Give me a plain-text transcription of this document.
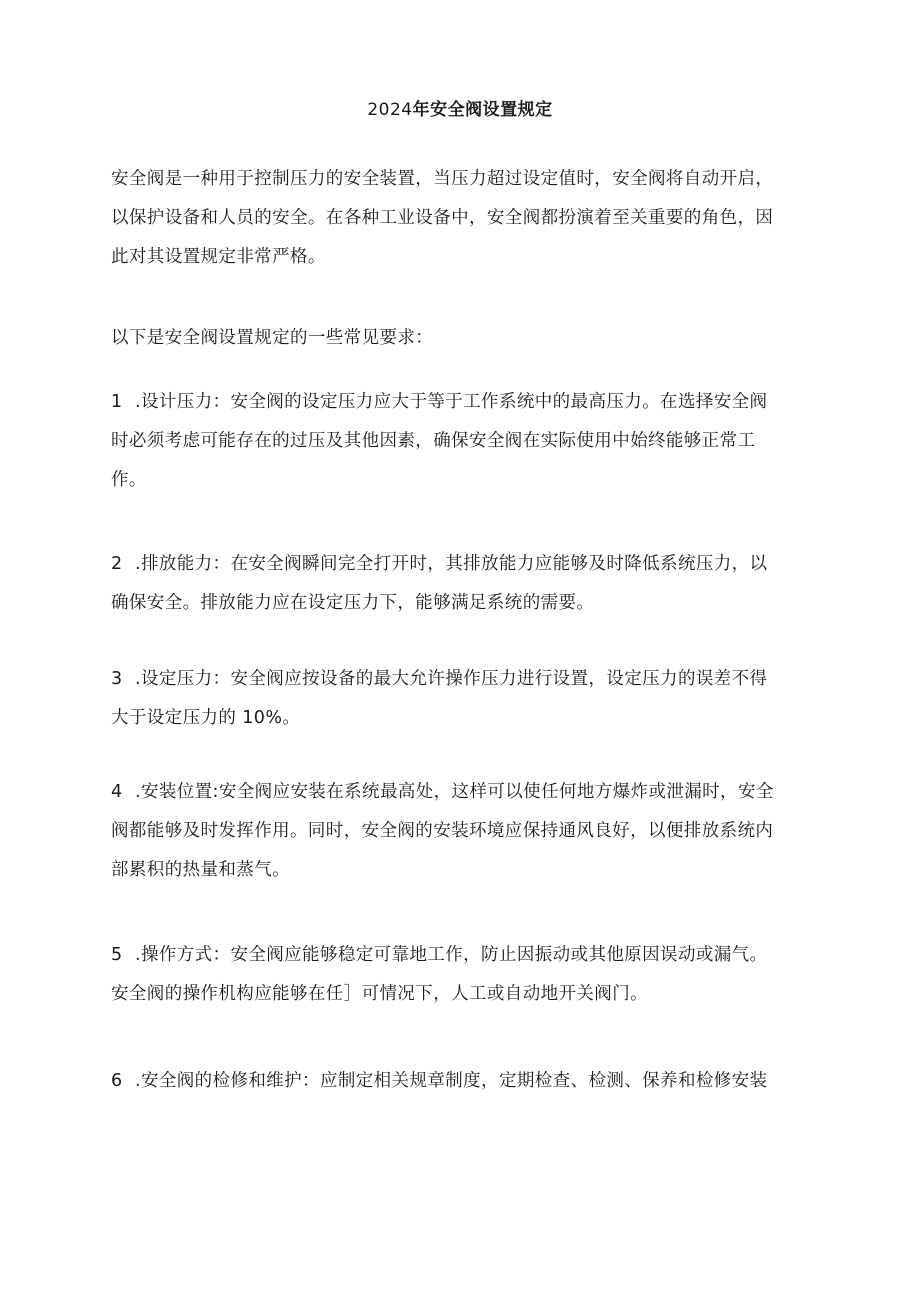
2024年安全阀设置规定

安全阀是一种用于控制压力的安全装置，当压力超过设定值时，安全阀将自动开启，
以保护设备和人员的安全。在各种工业设备中，安全阀都扮演着至关重要的角色，因
此对其设置规定非常严格。

以下是安全阀设置规定的一些常见要求：

1 .设计压力：安全阀的设定压力应大于等于工作系统中的最高压力。在选择安全阀
时必须考虑可能存在的过压及其他因素，确保安全阀在实际使用中始终能够正常工
作。

2 .排放能力：在安全阀瞬间完全打开时，其排放能力应能够及时降低系统压力，以
确保安全。排放能力应在设定压力下，能够满足系统的需要。

3 .设定压力：安全阀应按设备的最大允许操作压力进行设置，设定压力的误差不得
大于设定压力的 10%。

4 .安装位置:安全阀应安装在系统最高处，这样可以使任何地方爆炸或泄漏时，安全
阀都能够及时发挥作用。同时，安全阀的安装环境应保持通风良好，以便排放系统内
部累积的热量和蒸气。

5 .操作方式：安全阀应能够稳定可靠地工作，防止因振动或其他原因误动或漏气。
安全阀的操作机构应能够在任］可情况下，人工或自动地开关阀门。

6 .安全阀的检修和维护：应制定相关规章制度，定期检查、检测、保养和检修安装
